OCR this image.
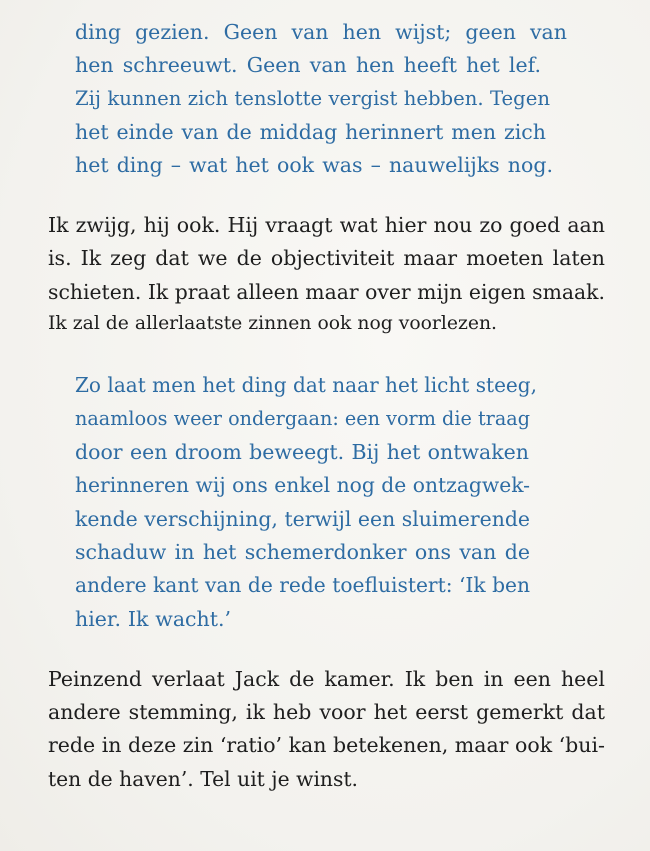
ding gezien. Geen van hen wijst; geen van
hen schreeuwt. Geen van hen heeft het lef.
Zij kunnen zich tenslotte vergist hebben. Tegen
het einde van de middag herinnert men zich
het ding – wat het ook was – nauwelijks nog.
Ik zwijg, hij ook. Hij vraagt wat hier nou zo goed aan
is. Ik zeg dat we de objectiviteit maar moeten laten
schieten. Ik praat alleen maar over mijn eigen smaak.
Ik zal de allerlaatste zinnen ook nog voorlezen.
Zo laat men het ding dat naar het licht steeg,
naamloos weer ondergaan: een vorm die traag
door een droom beweegt. Bij het ontwaken
herinneren wij ons enkel nog de ontzagwek-
kende verschijning, terwijl een sluimerende
schaduw in het schemerdonker ons van de
andere kant van de rede toefluistert: ‘Ik ben
hier. Ik wacht.’
Peinzend verlaat Jack de kamer. Ik ben in een heel
andere stemming, ik heb voor het eerst gemerkt dat
rede in deze zin ‘ratio’ kan betekenen, maar ook ‘bui-
ten de haven’. Tel uit je winst.
